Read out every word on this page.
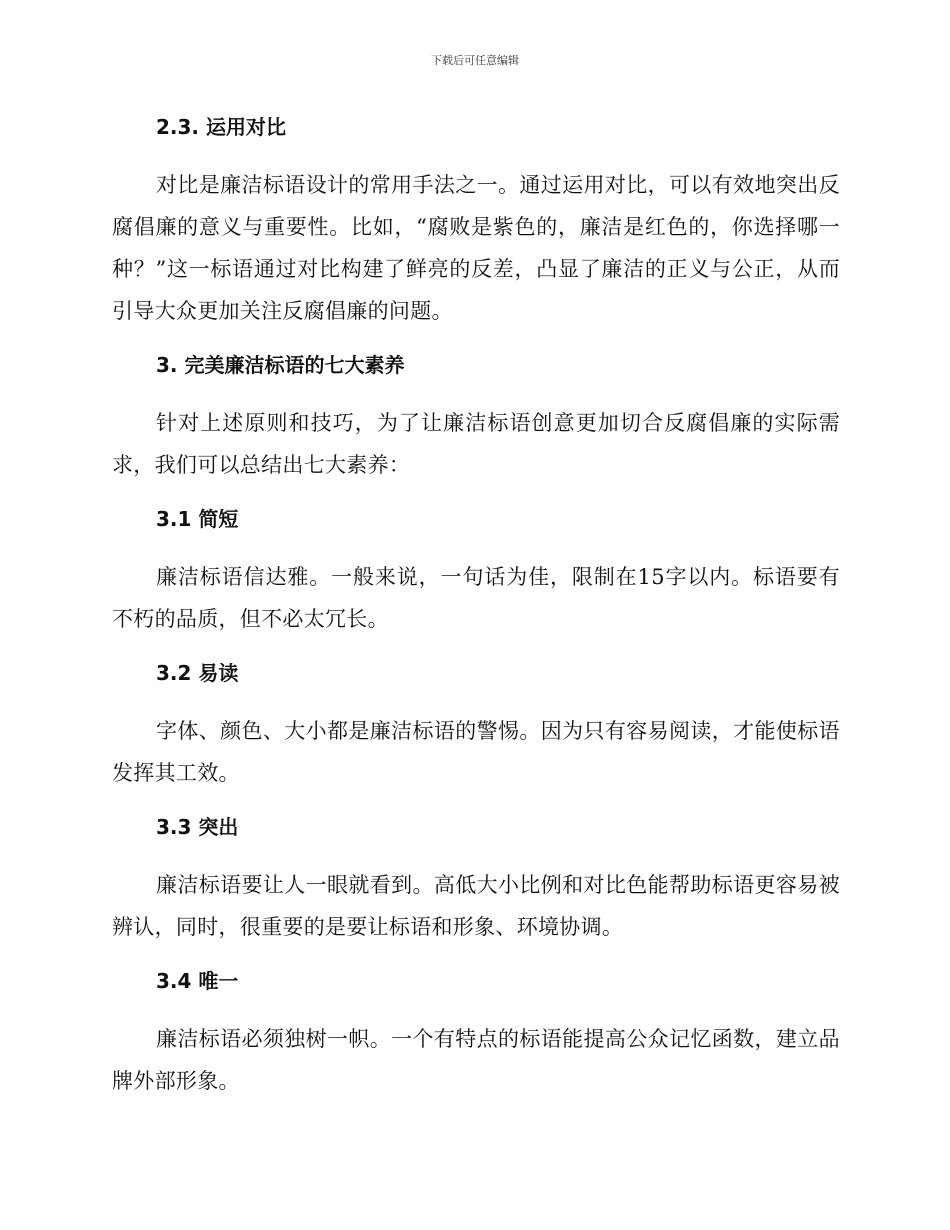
下载后可任意编辑
2.3. 运用对比

对比是廉洁标语设计的常用手法之一。通过运用对比，可以有效地突出反腐倡廉的意义与重要性。比如，“腐败是紫色的，廉洁是红色的，你选择哪一种？”这一标语通过对比构建了鲜亮的反差，凸显了廉洁的正义与公正，从而引导大众更加关注反腐倡廉的问题。

3. 完美廉洁标语的七大素养

针对上述原则和技巧，为了让廉洁标语创意更加切合反腐倡廉的实际需求，我们可以总结出七大素养：

3.1 简短

廉洁标语信达雅。一般来说，一句话为佳，限制在15字以内。标语要有不朽的品质，但不必太冗长。

3.2 易读

字体、颜色、大小都是廉洁标语的警惕。因为只有容易阅读，才能使标语发挥其工效。

3.3 突出

廉洁标语要让人一眼就看到。高低大小比例和对比色能帮助标语更容易被辨认，同时，很重要的是要让标语和形象、环境协调。

3.4 唯一

廉洁标语必须独树一帜。一个有特点的标语能提高公众记忆函数，建立品牌外部形象。
